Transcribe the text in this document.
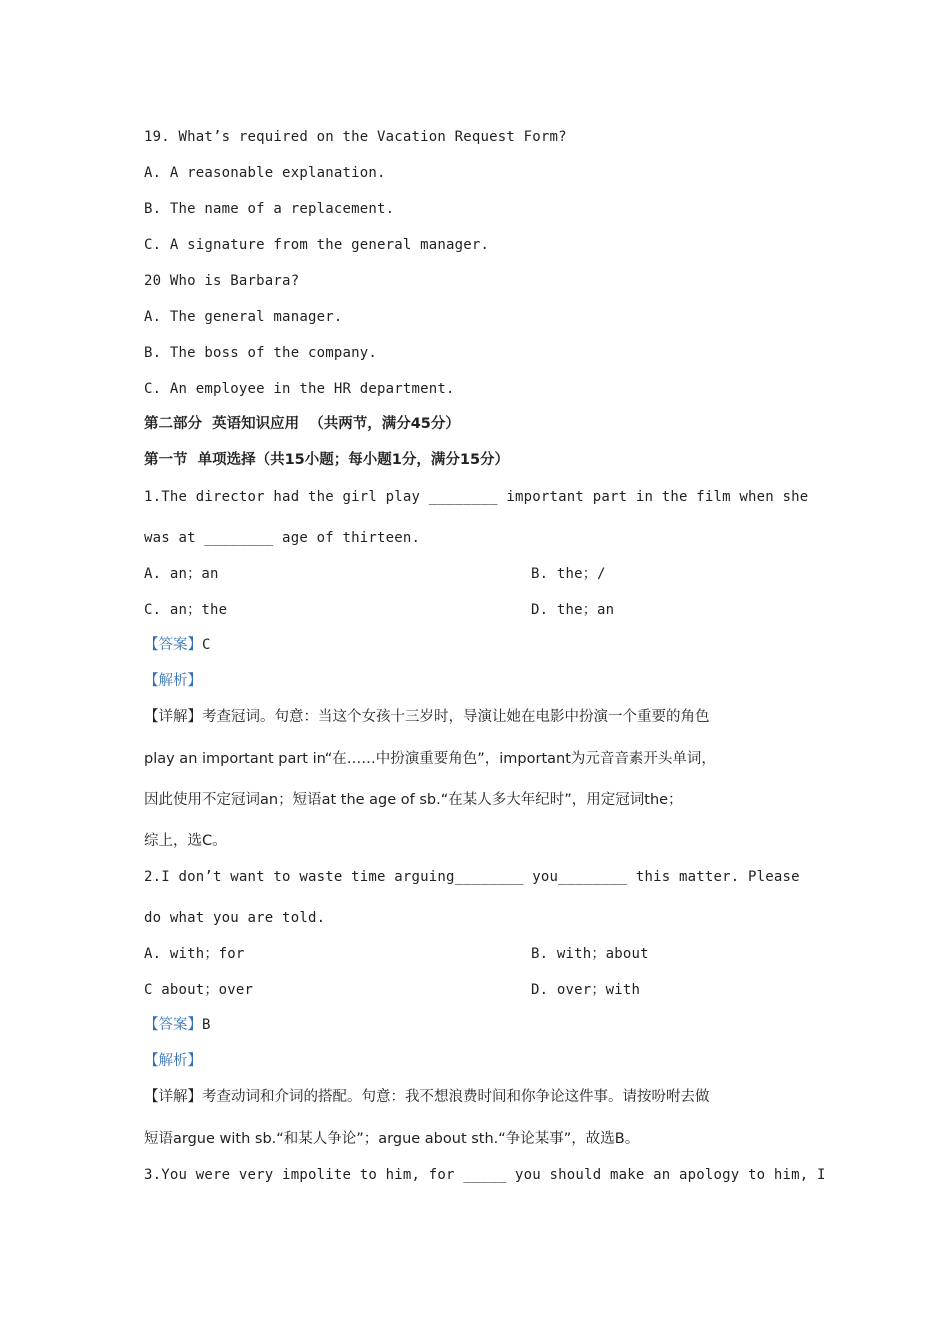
19. What’s required on the Vacation Request Form?

A. A reasonable explanation.

B. The name of a replacement.

C. A signature from the general manager.

20 Who is Barbara?

A. The general manager.

B. The boss of the company.

C. An employee in the HR department.

第二部分  英语知识应用  （共两节，满分45分）

第一节  单项选择（共15小题；每小题1分，满分15分）

1.The director had the girl play ________ important part in the film when she

was at ________ age of thirteen.

A. an；an	B. the；/

C. an；the	D. the；an

【答案】C

【解析】

【详解】考查冠词。句意：当这个女孩十三岁时，导演让她在电影中扮演一个重要的角色

play an important part in“在……中扮演重要角色”，important为元音音素开头单词，

因此使用不定冠词an；短语at the age of sb.“在某人多大年纪时”，用定冠词the；

综上，选C。

2.I don’t want to waste time arguing________ you________ this matter. Please

do what you are told.

A. with；for	B. with；about

C about；over	D. over；with

【答案】B

【解析】

【详解】考查动词和介词的搭配。句意：我不想浪费时间和你争论这件事。请按吩咐去做

短语argue with sb.“和某人争论”；argue about sth.“争论某事”，故选B。

3.You were very impolite to him, for _____ you should make an apology to him, I
